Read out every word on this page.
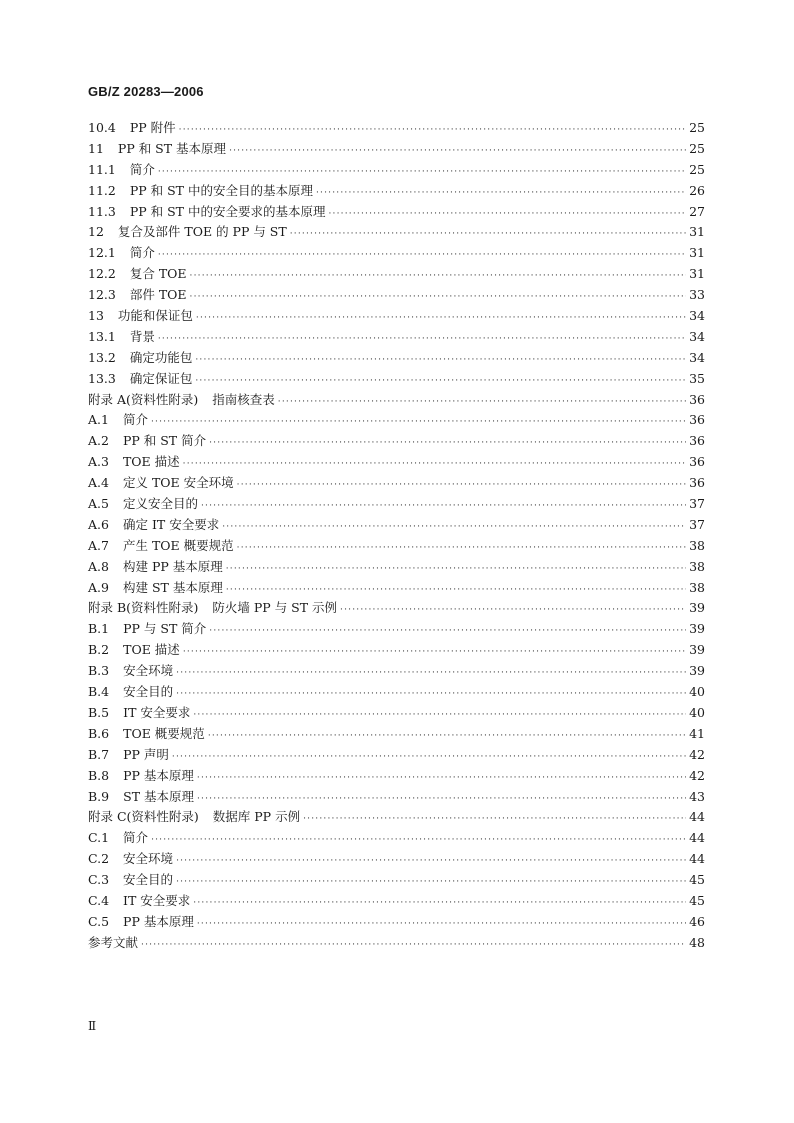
GB/Z 20283—2006
10.4 PP 附件 ·····	25
11 PP 和 ST 基本原理 ·····	25
11.1 简介 ·····	25
11.2 PP 和 ST 中的安全目的基本原理 ·····	26
11.3 PP 和 ST 中的安全要求的基本原理 ·····	27
12 复合及部件 TOE 的 PP 与 ST ·····	31
12.1 简介 ·····	31
12.2 复合 TOE ·····	31
12.3 部件 TOE ·····	33
13 功能和保证包 ·····	34
13.1 背景 ·····	34
13.2 确定功能包 ·····	34
13.3 确定保证包 ·····	35
附录 A(资料性附录) 指南核查表 ·····	36
A.1 简介 ·····	36
A.2 PP 和 ST 简介 ·····	36
A.3 TOE 描述 ·····	36
A.4 定义 TOE 安全环境 ·····	36
A.5 定义安全目的 ·····	37
A.6 确定 IT 安全要求 ·····	37
A.7 产生 TOE 概要规范 ·····	38
A.8 构建 PP 基本原理 ·····	38
A.9 构建 ST 基本原理 ·····	38
附录 B(资料性附录) 防火墙 PP 与 ST 示例 ·····	39
B.1 PP 与 ST 简介 ·····	39
B.2 TOE 描述 ·····	39
B.3 安全环境 ·····	39
B.4 安全目的 ·····	40
B.5 IT 安全要求 ·····	40
B.6 TOE 概要规范 ·····	41
B.7 PP 声明 ·····	42
B.8 PP 基本原理 ·····	42
B.9 ST 基本原理 ·····	43
附录 C(资料性附录) 数据库 PP 示例 ·····	44
C.1 简介 ·····	44
C.2 安全环境 ·····	44
C.3 安全目的 ·····	45
C.4 IT 安全要求 ·····	45
C.5 PP 基本原理 ·····	46
参考文献 ·····	48
Ⅱ
